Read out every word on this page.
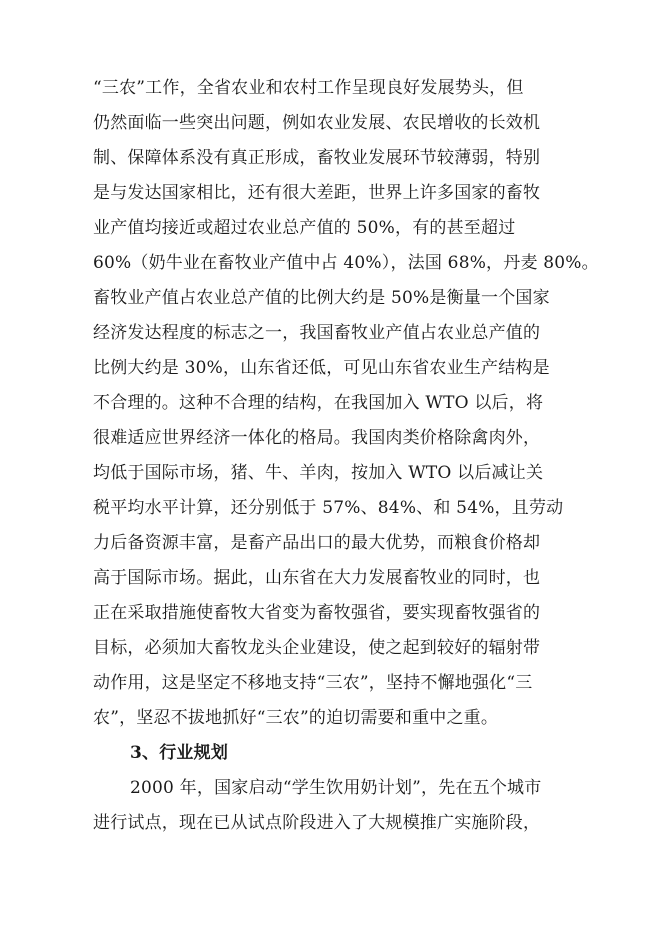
“三农”工作，全省农业和农村工作呈现良好发展势头，但
仍然面临一些突出问题，例如农业发展、农民增收的长效机
制、保障体系没有真正形成，畜牧业发展环节较薄弱，特别
是与发达国家相比，还有很大差距，世界上许多国家的畜牧
业产值均接近或超过农业总产值的 50%，有的甚至超过
60%（奶牛业在畜牧业产值中占 40%），法国 68%，丹麦 80%。
畜牧业产值占农业总产值的比例大约是 50%是衡量一个国家
经济发达程度的标志之一，我国畜牧业产值占农业总产值的
比例大约是 30%，山东省还低，可见山东省农业生产结构是
不合理的。这种不合理的结构，在我国加入 WTO 以后，将
很难适应世界经济一体化的格局。我国肉类价格除禽肉外，
均低于国际市场，猪、牛、羊肉，按加入 WTO 以后减让关
税平均水平计算，还分别低于 57%、84%、和 54%，且劳动
力后备资源丰富，是畜产品出口的最大优势，而粮食价格却
高于国际市场。据此，山东省在大力发展畜牧业的同时，也
正在采取措施使畜牧大省变为畜牧强省，要实现畜牧强省的
目标，必须加大畜牧龙头企业建设，使之起到较好的辐射带
动作用，这是坚定不移地支持“三农”，坚持不懈地强化“三
农”，坚忍不拔地抓好“三农”的迫切需要和重中之重。
3、行业规划
2000 年，国家启动“学生饮用奶计划”，先在五个城市
进行试点，现在已从试点阶段进入了大规模推广实施阶段，
